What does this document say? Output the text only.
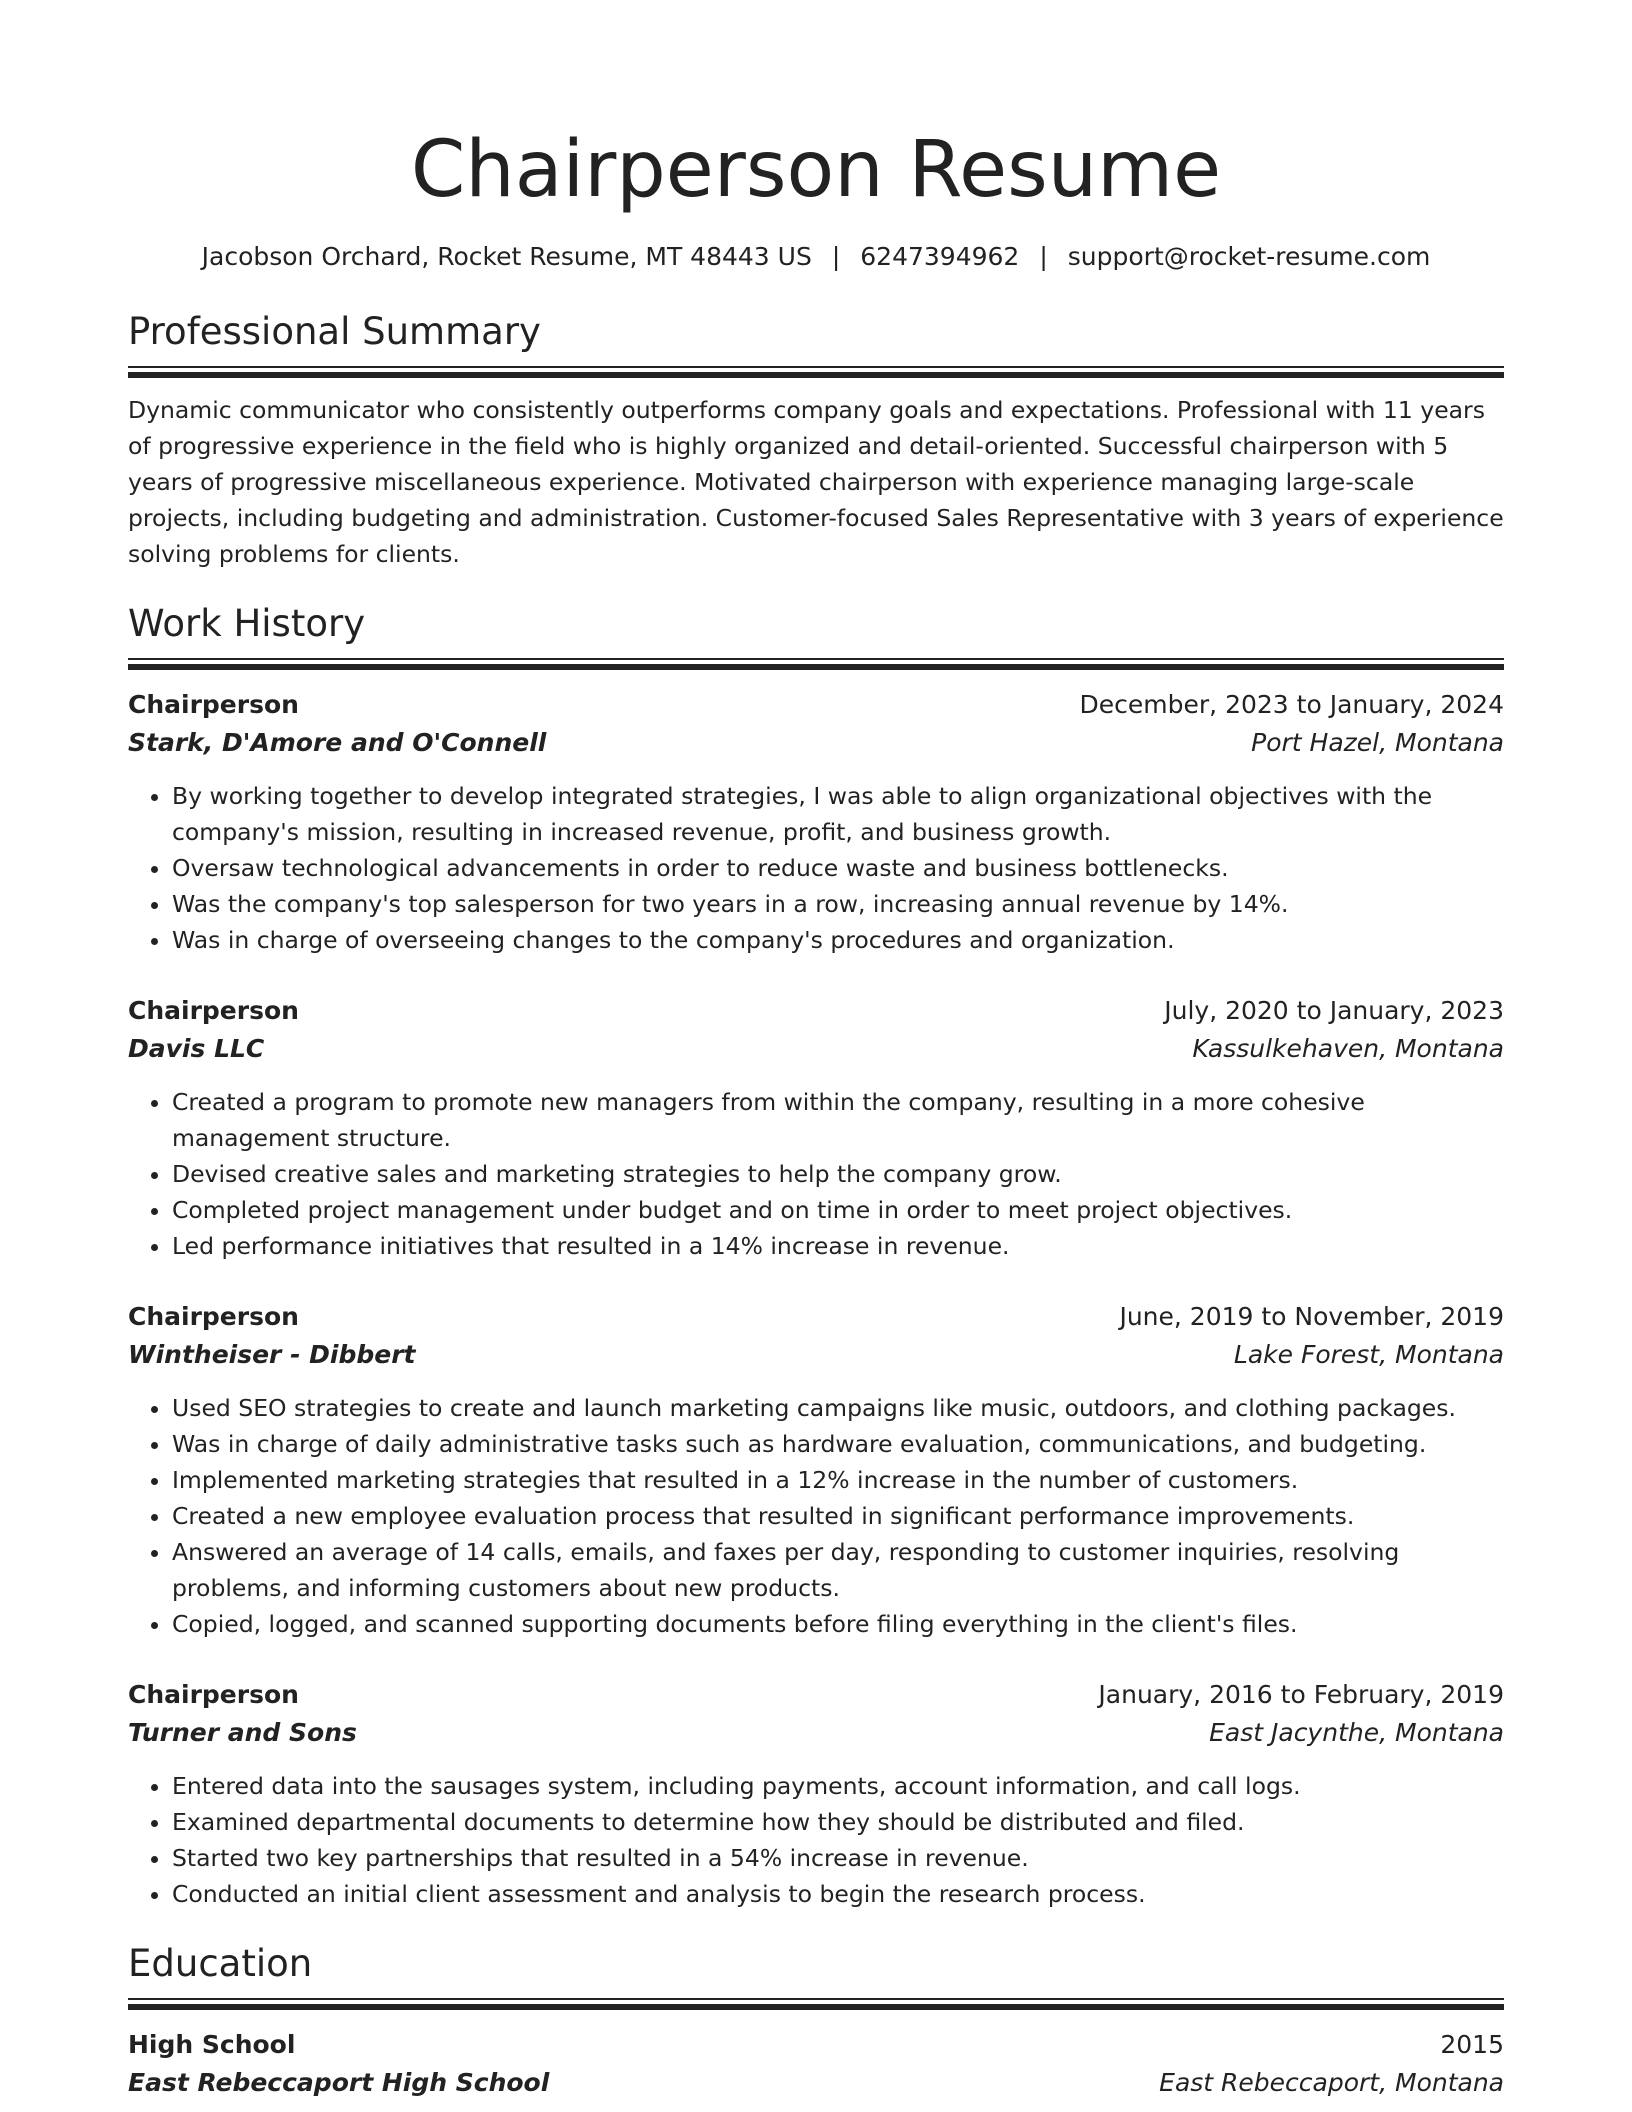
Chairperson Resume
Jacobson Orchard, Rocket Resume, MT 48443 US | 6247394962 | support@rocket-resume.com
Professional Summary
Dynamic communicator who consistently outperforms company goals and expectations. Professional with 11 years of progressive experience in the field who is highly organized and detail-oriented. Successful chairperson with 5 years of progressive miscellaneous experience. Motivated chairperson with experience managing large-scale projects, including budgeting and administration. Customer-focused Sales Representative with 3 years of experience solving problems for clients.
Work History
Chairperson	December, 2023 to January, 2024
Stark, D'Amore and O'Connell	Port Hazel, Montana
• By working together to develop integrated strategies, I was able to align organizational objectives with the company's mission, resulting in increased revenue, profit, and business growth.
• Oversaw technological advancements in order to reduce waste and business bottlenecks.
• Was the company's top salesperson for two years in a row, increasing annual revenue by 14%.
• Was in charge of overseeing changes to the company's procedures and organization.
Chairperson	July, 2020 to January, 2023
Davis LLC	Kassulkehaven, Montana
• Created a program to promote new managers from within the company, resulting in a more cohesive management structure.
• Devised creative sales and marketing strategies to help the company grow.
• Completed project management under budget and on time in order to meet project objectives.
• Led performance initiatives that resulted in a 14% increase in revenue.
Chairperson	June, 2019 to November, 2019
Wintheiser - Dibbert	Lake Forest, Montana
• Used SEO strategies to create and launch marketing campaigns like music, outdoors, and clothing packages.
• Was in charge of daily administrative tasks such as hardware evaluation, communications, and budgeting.
• Implemented marketing strategies that resulted in a 12% increase in the number of customers.
• Created a new employee evaluation process that resulted in significant performance improvements.
• Answered an average of 14 calls, emails, and faxes per day, responding to customer inquiries, resolving problems, and informing customers about new products.
• Copied, logged, and scanned supporting documents before filing everything in the client's files.
Chairperson	January, 2016 to February, 2019
Turner and Sons	East Jacynthe, Montana
• Entered data into the sausages system, including payments, account information, and call logs.
• Examined departmental documents to determine how they should be distributed and filed.
• Started two key partnerships that resulted in a 54% increase in revenue.
• Conducted an initial client assessment and analysis to begin the research process.
Education
High School	2015
East Rebeccaport High School	East Rebeccaport, Montana
